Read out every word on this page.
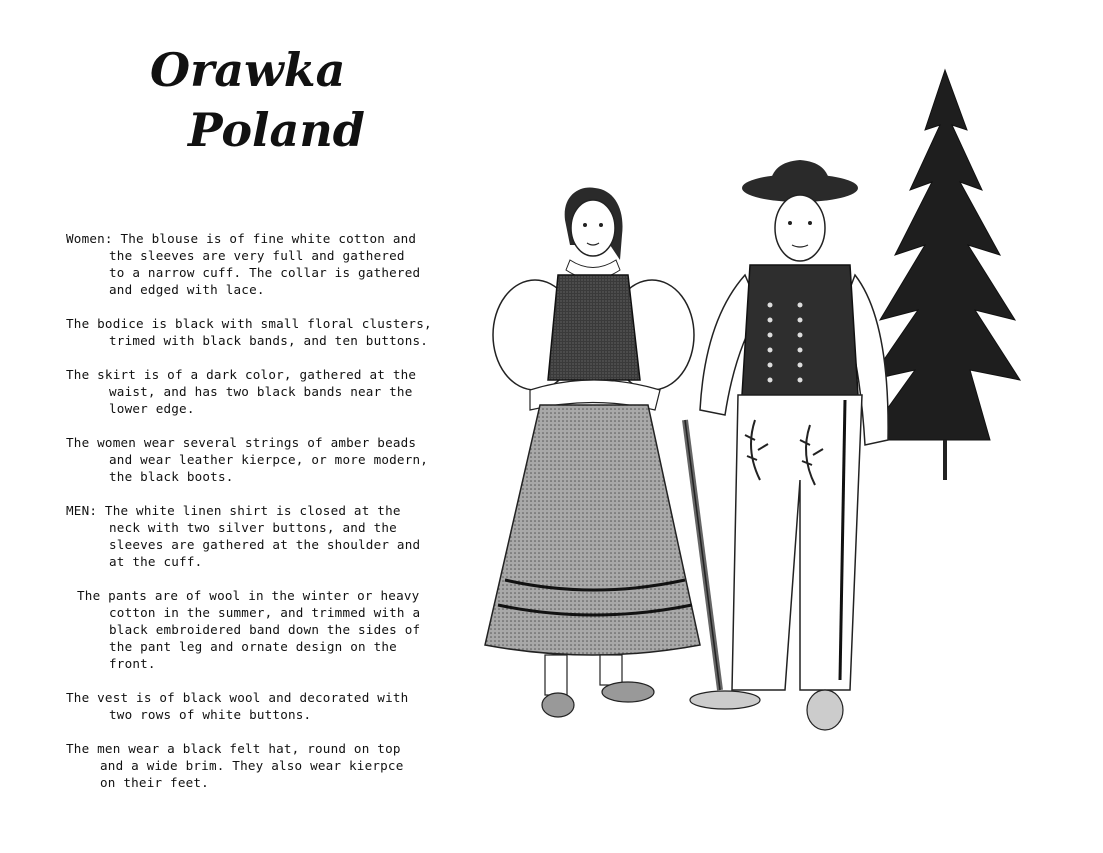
Orawka
Poland
Women: The blouse is of fine white cotton and
the sleeves are very full and gathered
to a narrow cuff. The collar is gathered
and edged with lace.
The bodice is black with small floral clusters,
trimed with black bands, and ten buttons.
The skirt is of a dark color, gathered at the
waist, and has two black bands near the
lower edge.
The women wear several strings of amber beads
and wear leather kierpce, or more modern,
the black boots.
MEN: The white linen shirt is closed at the
neck with two silver buttons, and the
sleeves are gathered at the shoulder and
at the cuff.
The pants are of wool in the winter or heavy
cotton in the summer, and trimmed with a
black embroidered band down the sides of
the pant leg and ornate design on the
front.
The vest is of black wool and decorated with
two rows of white buttons.
The men wear a black felt hat, round on top
and a wide brim. They also wear kierpce
on their feet.
